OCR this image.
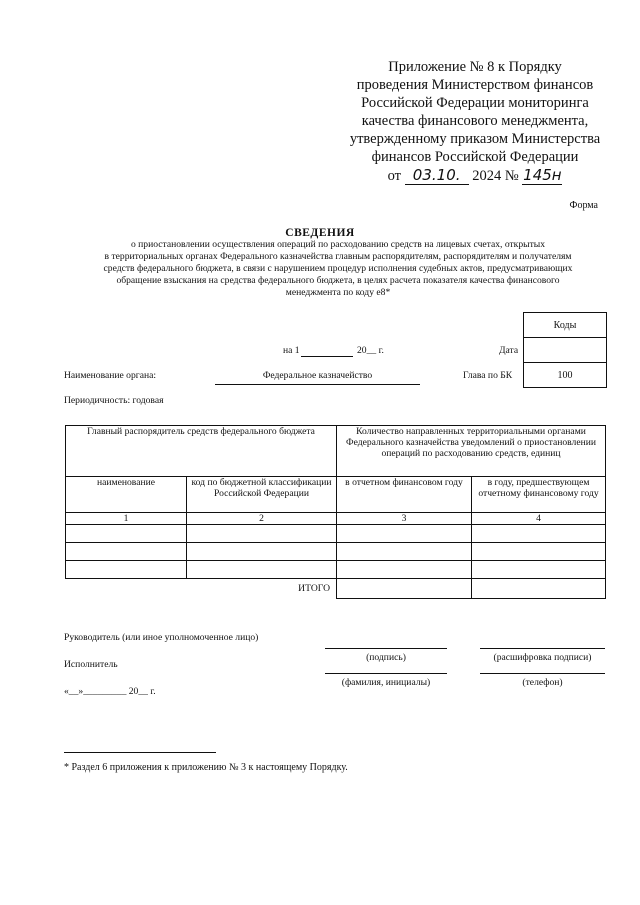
Приложение № 8 к Порядку
проведения Министерством финансов
Российской Федерации мониторинга
качества финансового менеджмента,
утвержденному приказом Министерства
финансов Российской Федерации
от 03.10. 2024 № 145н
Форма
СВЕДЕНИЯ
о приостановлении осуществления операций по расходованию средств на лицевых счетах, открытых
в территориальных органах Федерального казначейства главным распорядителям, распорядителям и получателям
средств федерального бюджета, в связи с нарушением процедур исполнения судебных актов, предусматривающих
обращение взыскания на средства федерального бюджета, в целях расчета показателя качества финансового
менеджмента по коду е8*
Коды

100
на 1	20__ г.	Дата
Наименование органа:	Федеральное казначейство	Глава по БК
Периодичность: годовая
Главный распорядитель средств федерального бюджета		Количество направленных территориальными органами Федерального казначейства уведомлений о приостановлении операций по расходованию средств, единиц	
наименование	код по бюджетной классификации Российской Федерации	в отчетном финансовом году	в году, предшествующем отчетному финансовому году
1	2	3	4

ИТОГО			
Руководитель (или иное уполномоченное лицо)
(подпись)	(расшифровка подписи)
Исполнитель
(фамилия, инициалы)	(телефон)
«__»_________ 20__ г.
* Раздел 6 приложения к приложению № 3 к настоящему Порядку.
